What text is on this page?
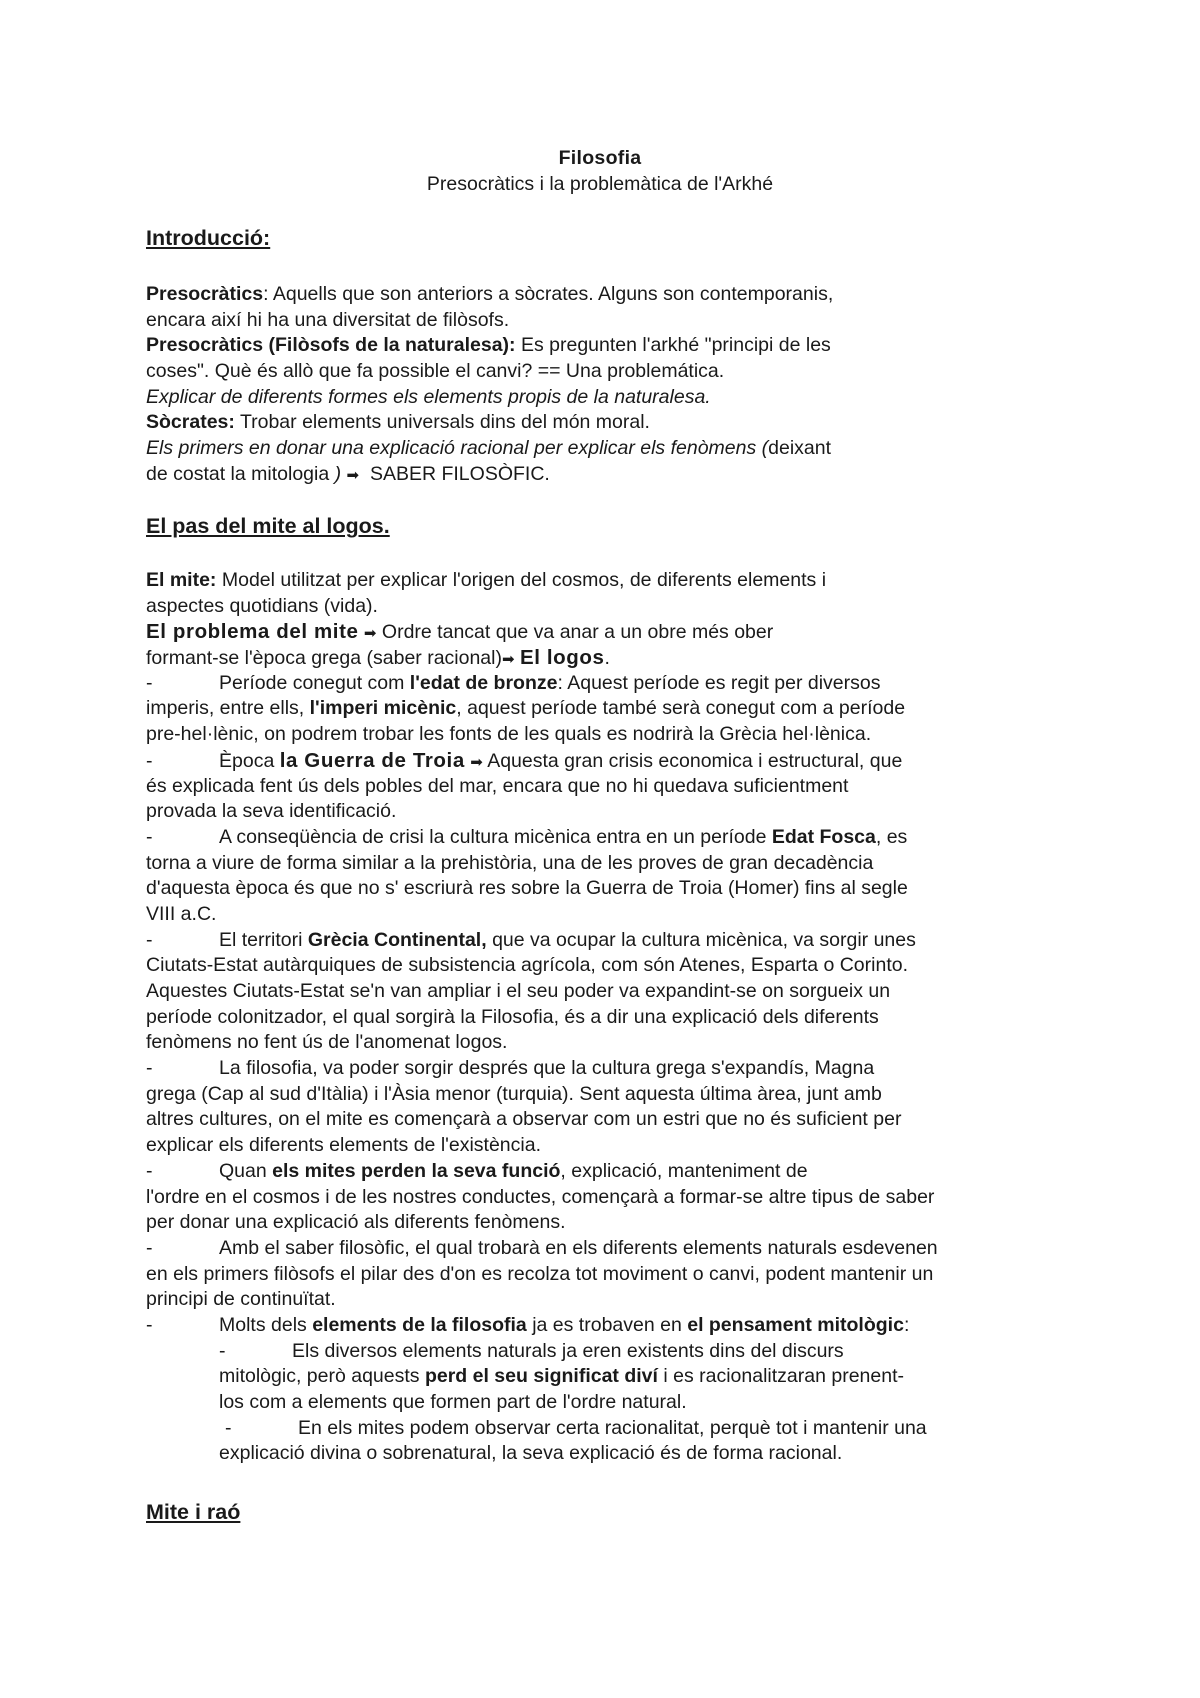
Filosofia
Presocràtics i la problemàtica de l'Arkhé
Introducció:
Presocràtics: Aquells que son anteriors a sòcrates. Alguns son contemporanis,
encara així hi ha una diversitat de filòsofs.
Presocràtics (Filòsofs de la naturalesa): Es pregunten l'arkhé "principi de les
coses". Què és allò que fa possible el canvi? == Una problemática.
Explicar de diferents formes els elements propis de la naturalesa.
Sòcrates: Trobar elements universals dins del món moral.
Els primers en donar una explicació racional per explicar els fenòmens (deixant
de costat la mitologia ) ➡ SABER FILOSÒFIC.
El pas del mite al logos.
El mite: Model utilitzat per explicar l'origen del cosmos, de diferents elements i
aspectes quotidians (vida).
El problema del mite ➡ Ordre tancat que va anar a un obre més ober
formant-se l'època grega (saber racional)➡ El logos.
-	Període conegut com l'edat de bronze: Aquest període es regit per diversos
imperis, entre ells, l'imperi micènic, aquest període també serà conegut com a període
pre-hel·lènic, on podrem trobar les fonts de les quals es nodrirà la Grècia hel·lènica.
-	Època la Guerra de Troia ➡ Aquesta gran crisis economica i estructural, que
és explicada fent ús dels pobles del mar, encara que no hi quedava suficientment
provada la seva identificació.
-	A conseqüència de crisi la cultura micènica entra en un període Edat Fosca, es
torna a viure de forma similar a la prehistòria, una de les proves de gran decadència
d'aquesta època és que no s' escriurà res sobre la Guerra de Troia (Homer) fins al segle
VIII a.C.
-	El territori Grècia Continental, que va ocupar la cultura micènica, va sorgir unes
Ciutats-Estat autàrquiques de subsistencia agrícola, com són Atenes, Esparta o Corinto.
Aquestes Ciutats-Estat se'n van ampliar i el seu poder va expandint-se on sorgueix un
període colonitzador, el qual sorgirà la Filosofia, és a dir una explicació dels diferents
fenòmens no fent ús de l'anomenat logos.
-	La filosofia, va poder sorgir després que la cultura grega s'expandís, Magna
grega (Cap al sud d'Itàlia) i l'Àsia menor (turquia). Sent aquesta última àrea, junt amb
altres cultures, on el mite es començarà a observar com un estri que no és suficient per
explicar els diferents elements de l'existència.
-	Quan els mites perden la seva funció, explicació, manteniment de
l'ordre en el cosmos i de les nostres conductes, començarà a formar-se altre tipus de saber
per donar una explicació als diferents fenòmens.
-	Amb el saber filosòfic, el qual trobarà en els diferents elements naturals esdevenen
en els primers filòsofs el pilar des d'on es recolza tot moviment o canvi, podent mantenir un
principi de continuïtat.
-	Molts dels elements de la filosofia ja es trobaven en el pensament mitològic:
-	Els diversos elements naturals ja eren existents dins del discurs
mitològic, però aquests perd el seu significat diví i es racionalitzaran prenent-
los com a elements que formen part de l'ordre natural.
-	En els mites podem observar certa racionalitat, perquè tot i mantenir una
explicació divina o sobrenatural, la seva explicació és de forma racional.
Mite i raó
